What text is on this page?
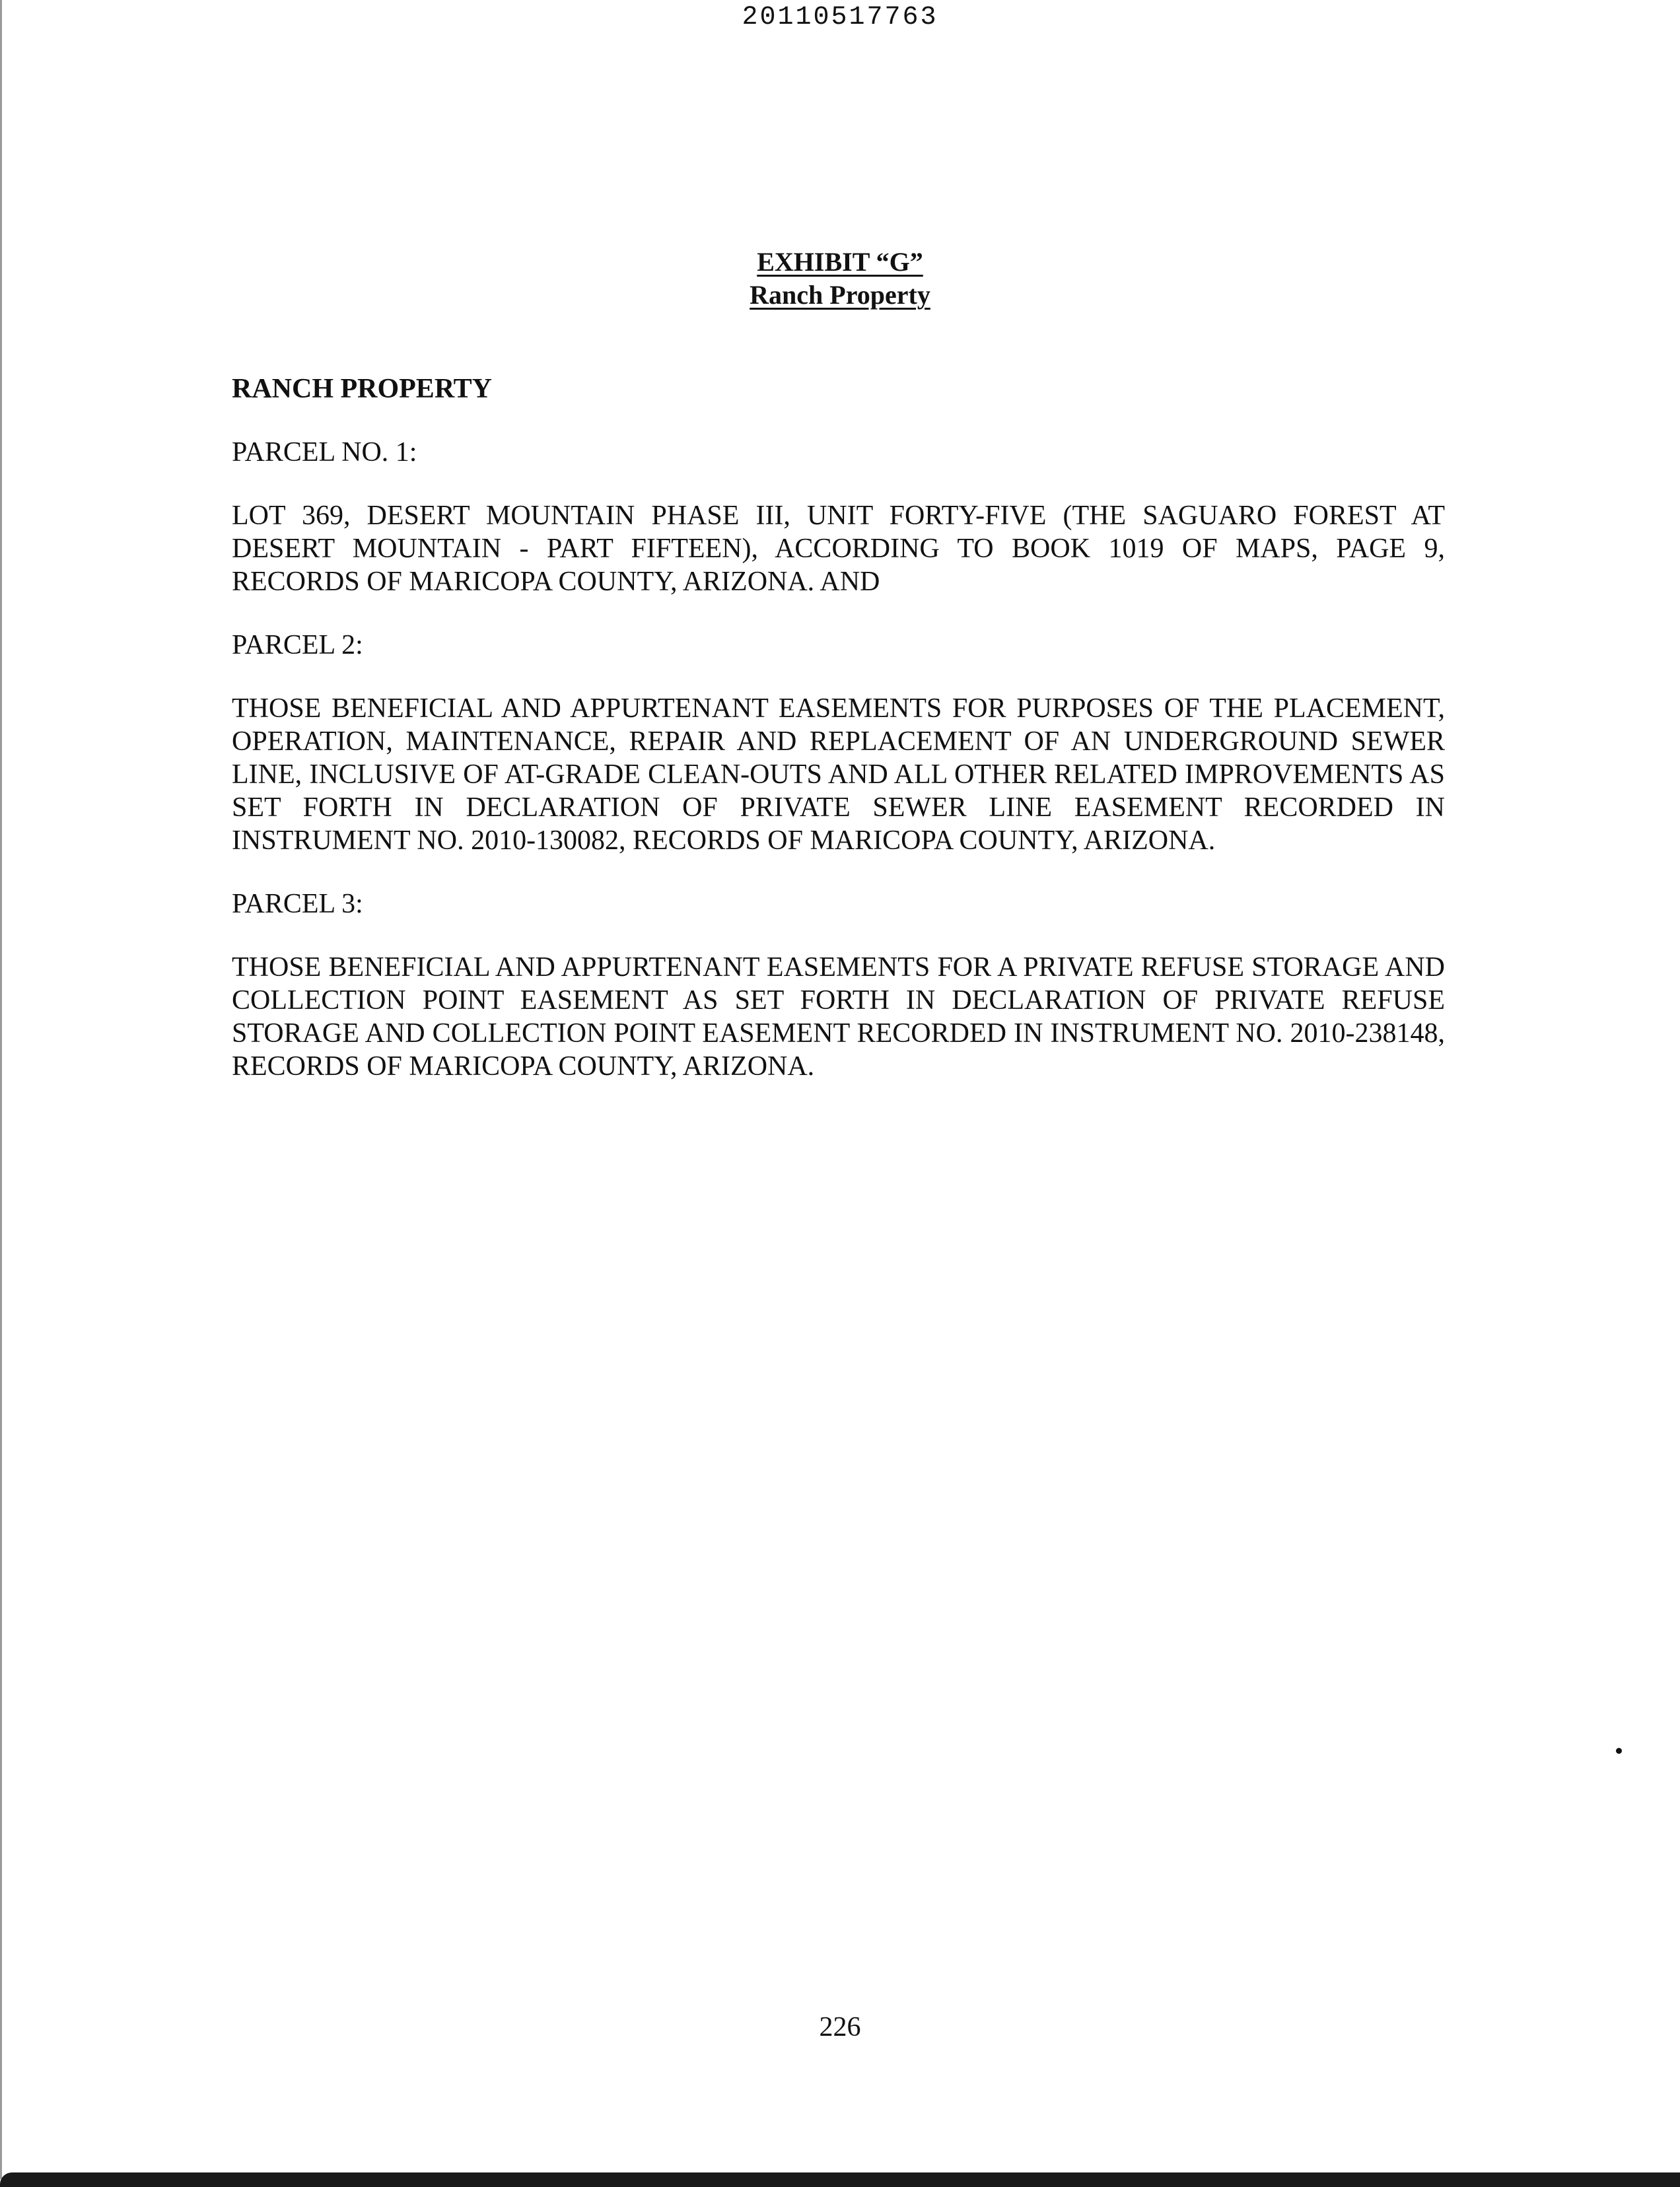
20110517763
EXHIBIT “G”
Ranch Property

RANCH PROPERTY

PARCEL NO. 1:

LOT 369, DESERT MOUNTAIN PHASE III, UNIT FORTY-FIVE (THE SAGUARO FOREST AT DESERT MOUNTAIN - PART FIFTEEN), ACCORDING TO BOOK 1019 OF MAPS, PAGE 9, RECORDS OF MARICOPA COUNTY, ARIZONA. AND

PARCEL 2:

THOSE BENEFICIAL AND APPURTENANT EASEMENTS FOR PURPOSES OF THE PLACEMENT, OPERATION, MAINTENANCE, REPAIR AND REPLACEMENT OF AN UNDERGROUND SEWER LINE, INCLUSIVE OF AT-GRADE CLEAN-OUTS AND ALL OTHER RELATED IMPROVEMENTS AS SET FORTH IN DECLARATION OF PRIVATE SEWER LINE EASEMENT RECORDED IN INSTRUMENT NO. 2010-130082, RECORDS OF MARICOPA COUNTY, ARIZONA.

PARCEL 3:

THOSE BENEFICIAL AND APPURTENANT EASEMENTS FOR A PRIVATE REFUSE STORAGE AND COLLECTION POINT EASEMENT AS SET FORTH IN DECLARATION OF PRIVATE REFUSE STORAGE AND COLLECTION POINT EASEMENT RECORDED IN INSTRUMENT NO. 2010-238148, RECORDS OF MARICOPA COUNTY, ARIZONA.

226
